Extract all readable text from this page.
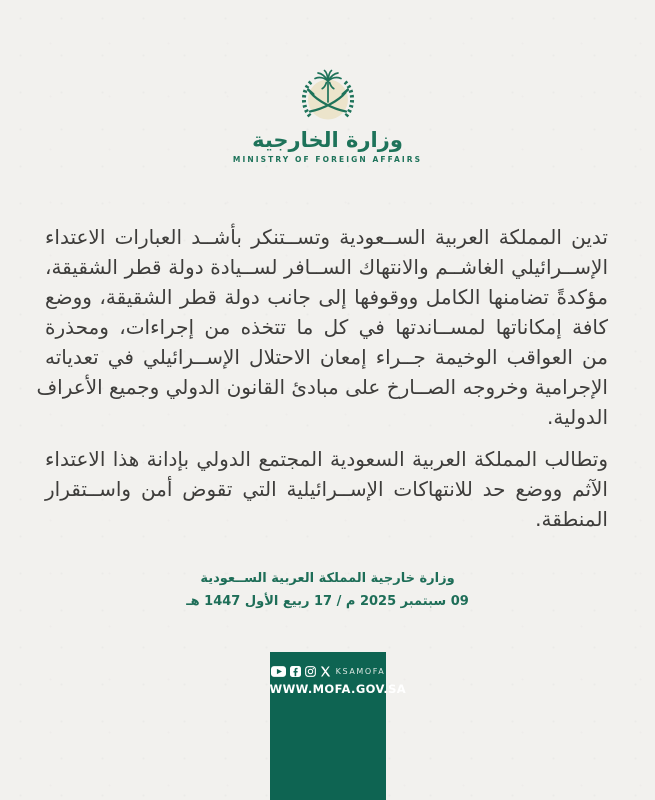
وزارة الخارجية
MINISTRY OF FOREIGN AFFAIRS
تدين المملكة العربية الســعودية وتســتنكر بأشــد العبارات الاعتداء
الإســرائيلي الغاشــم والانتهاك الســافر لســيادة دولة قطر الشقيقة،
مؤكدةً تضامنها الكامل ووقوفها إلى جانب دولة قطر الشقيقة، ووضع
كافة إمكاناتها لمســاندتها في كل ما تتخذه من إجراءات، ومحذرة
من العواقب الوخيمة جــراء إمعان الاحتلال الإســرائيلي في تعدياته
الإجرامية وخروجه الصــارخ على مبادئ القانون الدولي وجميع الأعراف
الدولية.
وتطالب المملكة العربية السعودية المجتمع الدولي بإدانة هذا الاعتداء
الآثم ووضع حد للانتهاكات الإســرائيلية التي تقوض أمن واســتقرار
المنطقة.
وزارة خارجية المملكة العربية الســعودية
09 سبتمبر 2025 م / 17 ربيع الأول 1447 هـ
KSAMOFA
WWW.MOFA.GOV.SA
